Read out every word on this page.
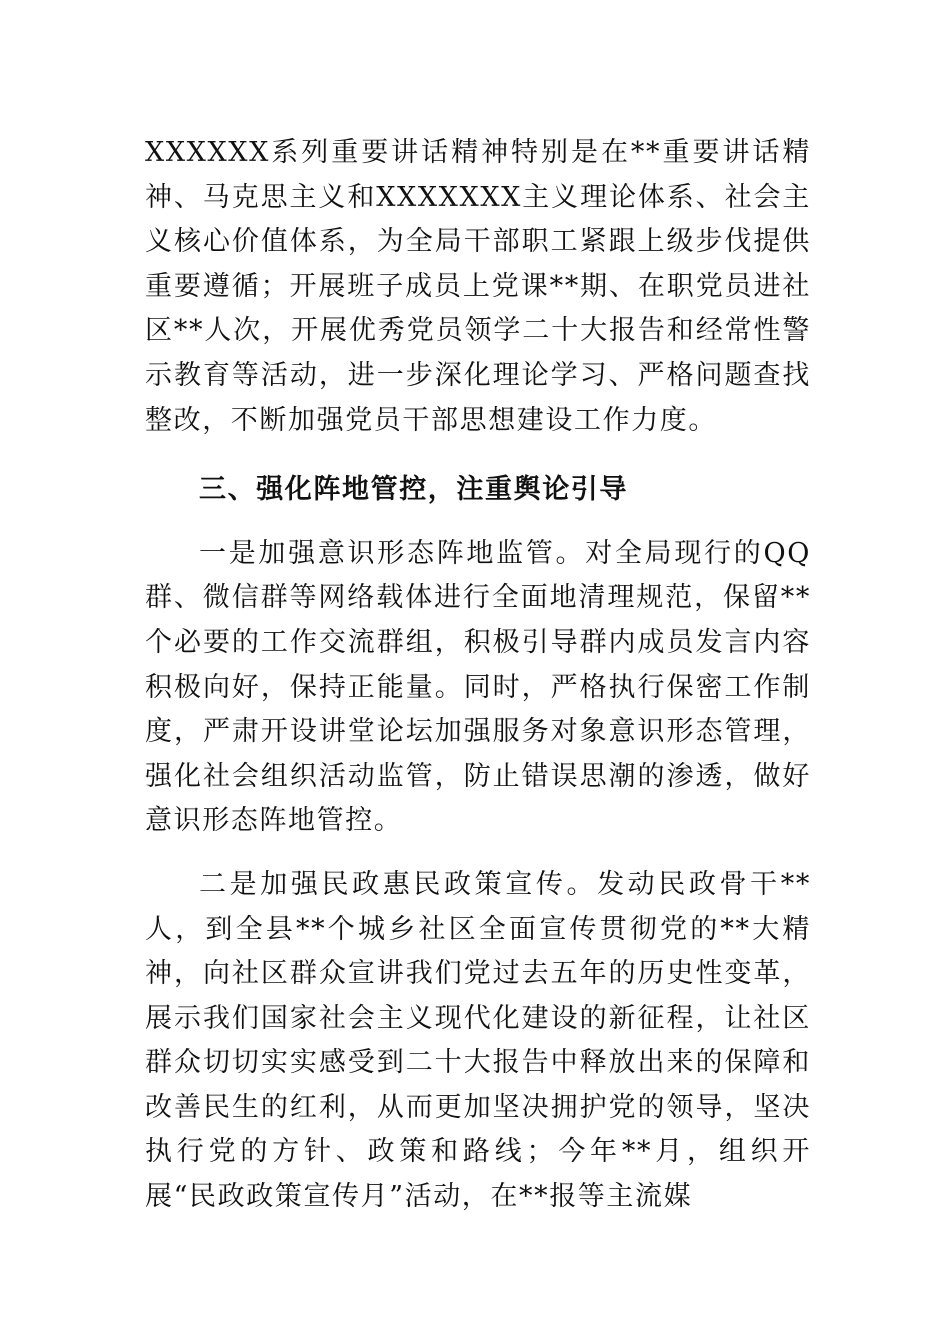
XXXXXX系列重要讲话精神特别是在**重要讲话精神、马克思主义和XXXXXXX主义理论体系、社会主义核心价值体系，为全局干部职工紧跟上级步伐提供重要遵循；开展班子成员上党课**期、在职党员进社区**人次，开展优秀党员领学二十大报告和经常性警示教育等活动，进一步深化理论学习、严格问题查找整改，不断加强党员干部思想建设工作力度。

三、强化阵地管控，注重舆论引导

一是加强意识形态阵地监管。对全局现行的QQ群、微信群等网络载体进行全面地清理规范，保留**个必要的工作交流群组，积极引导群内成员发言内容积极向好，保持正能量。同时，严格执行保密工作制度，严肃开设讲堂论坛加强服务对象意识形态管理，强化社会组织活动监管，防止错误思潮的渗透，做好意识形态阵地管控。

二是加强民政惠民政策宣传。发动民政骨干**人，到全县**个城乡社区全面宣传贯彻党的**大精神，向社区群众宣讲我们党过去五年的历史性变革，展示我们国家社会主义现代化建设的新征程，让社区群众切切实实感受到二十大报告中释放出来的保障和改善民生的红利，从而更加坚决拥护党的领导，坚决执行党的方针、政策和路线；今年**月，组织开展“民政政策宣传月”活动，在**报等主流媒
